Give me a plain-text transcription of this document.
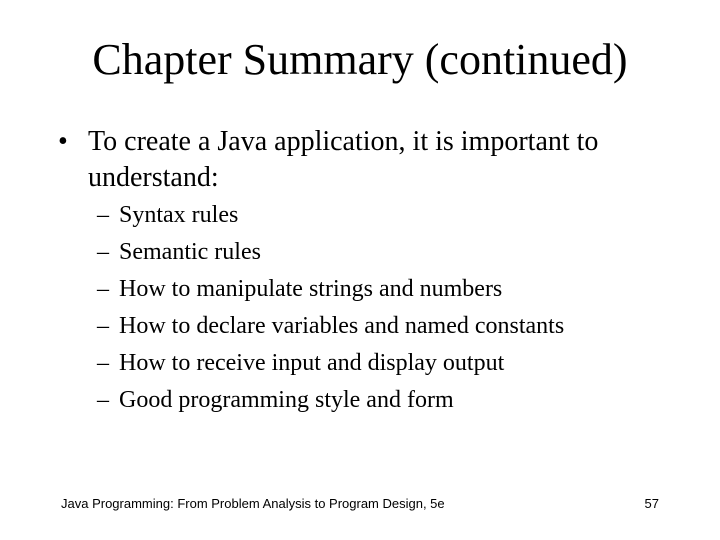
Chapter Summary (continued)
• To create a Java application, it is important to understand:
– Syntax rules
– Semantic rules
– How to manipulate strings and numbers
– How to declare variables and named constants
– How to receive input and display output
– Good programming style and form
Java Programming: From Problem Analysis to Program Design, 5e	57
